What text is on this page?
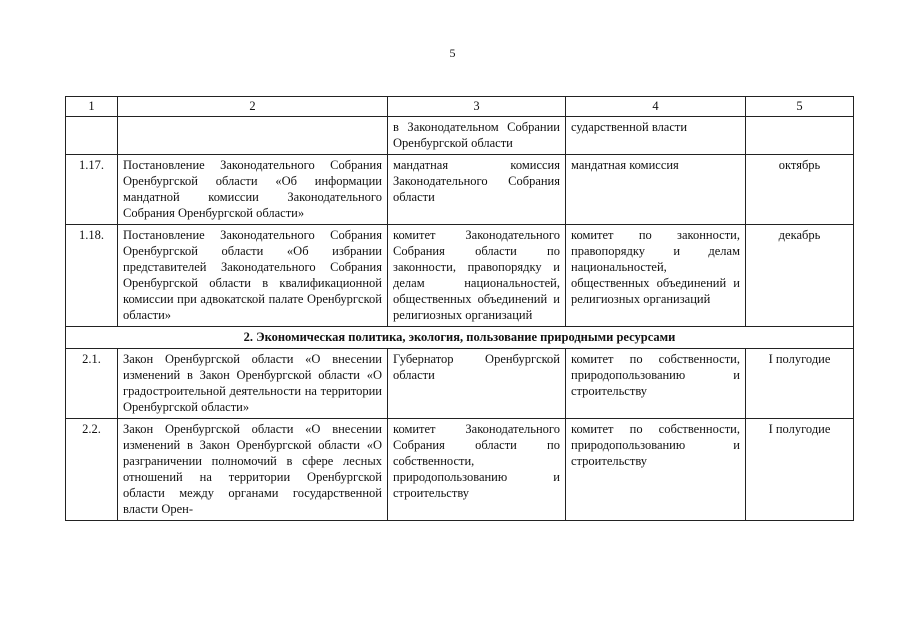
5
1	2	3	4	5
		в Законодательном Собрании Оренбургской области	сударственной власти	
1.17.	Постановление Законодательного Собрания Оренбургской области «Об информации мандатной комиссии Законодательного Собрания Оренбургской области»	мандатная комиссия Законодательного Собрания области	мандатная комиссия	октябрь
1.18.	Постановление Законодательного Собрания Оренбургской области «Об избрании представителей Законодательного Собрания Оренбургской области в квалификационной комиссии при адвокатской палате Оренбургской области»	комитет Законодательного Собрания области по законности, правопорядку и делам национальностей, общественных объединений и религиозных организаций	комитет по законности, правопорядку и делам национальностей, общественных объединений и религиозных организаций	декабрь
2. Экономическая политика, экология, пользование природными ресурсами				
2.1.	Закон Оренбургской области «О внесении изменений в Закон Оренбургской области «О градостроительной деятельности на территории Оренбургской области»	Губернатор Оренбургской области	комитет по собственности, природопользованию и строительству	I полугодие
2.2.	Закон Оренбургской области «О внесении изменений в Закон Оренбургской области «О разграничении полномочий в сфере лесных отношений на территории Оренбургской области между органами государственной власти Орен-	комитет Законодательного Собрания области по собственности, природопользованию и строительству	комитет по собственности, природопользованию и строительству	I полугодие
